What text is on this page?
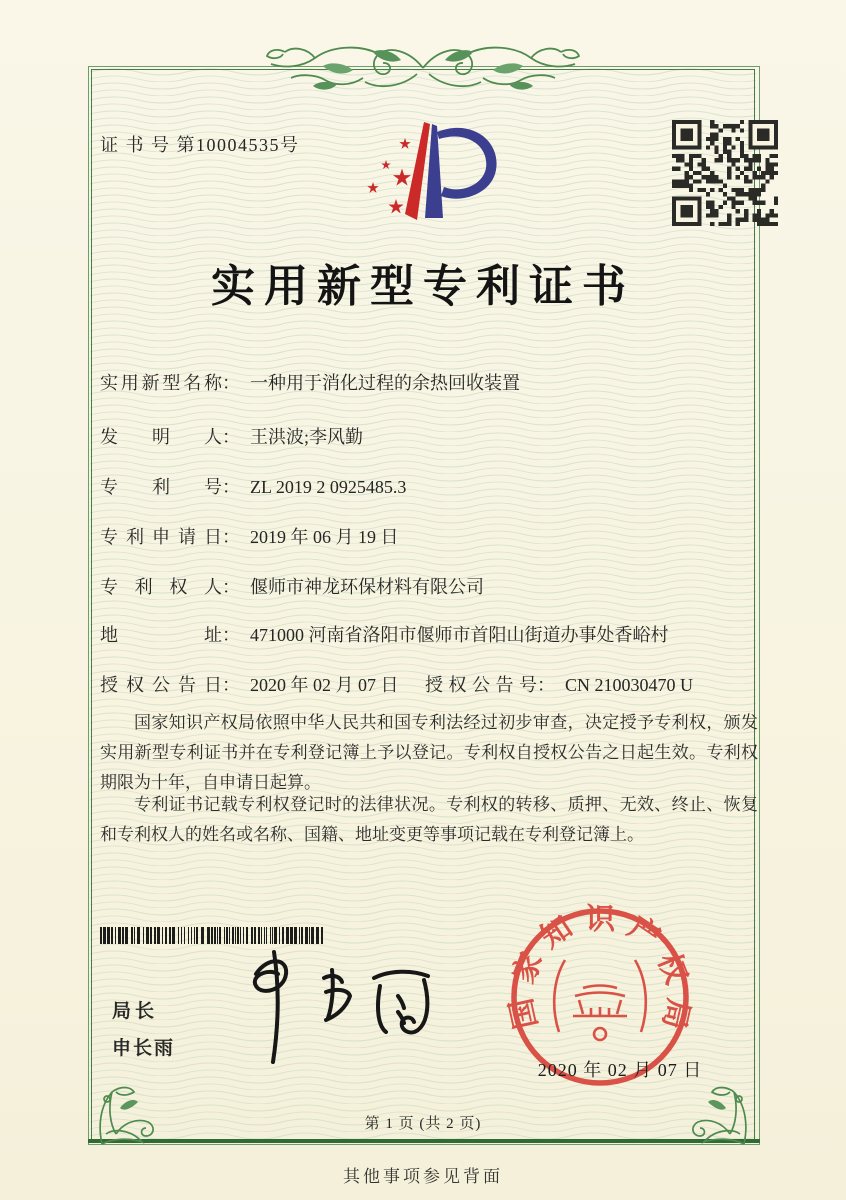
证 书 号 第10004535号
实用新型专利证书
实用新型名称： 一种用于消化过程的余热回收装置
发明人： 王洪波;李风勤
专利号： ZL 2019 2 0925485.3
专利申请日： 2019 年 06 月 19 日
专利权人： 偃师市神龙环保材料有限公司
地址： 471000 河南省洛阳市偃师市首阳山街道办事处香峪村
授权公告日： 2020 年 02 月 07 日 授权公告号： CN 210030470 U
国家知识产权局依照中华人民共和国专利法经过初步审查，决定授予专利权，颁发实用新型专利证书并在专利登记簿上予以登记。专利权自授权公告之日起生效。专利权期限为十年，自申请日起算。
专利证书记载专利权登记时的法律状况。专利权的转移、质押、无效、终止、恢复和专利权人的姓名或名称、国籍、地址变更等事项记载在专利登记簿上。
局长
申长雨
国家知识产权局
2020 年 02 月 07 日
第 1 页 (共 2 页)
其他事项参见背面
